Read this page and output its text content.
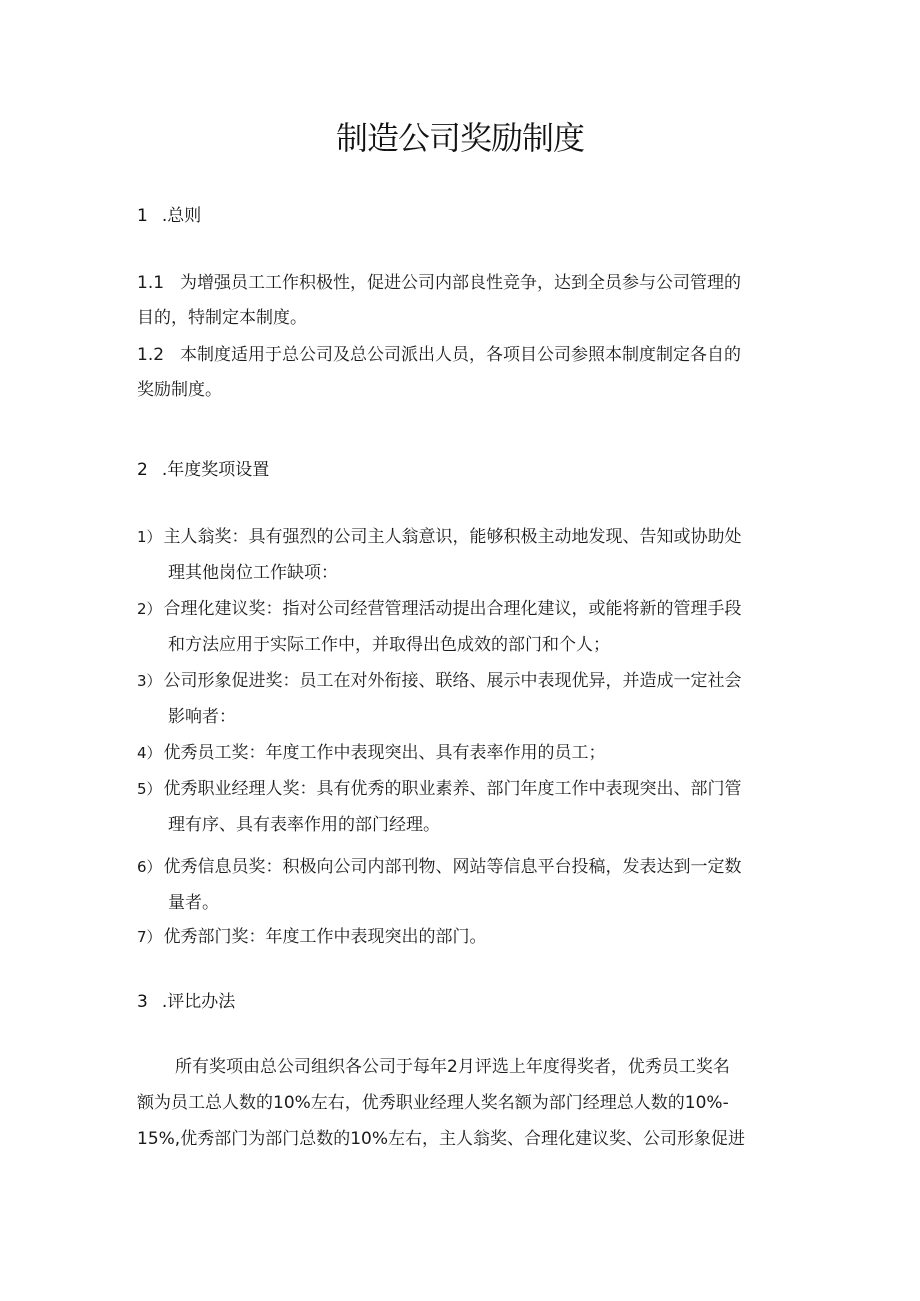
制造公司奖励制度
1 .总则
1.1 为增强员工工作积极性，促进公司内部良性竞争，达到全员参与公司管理的
目的，特制定本制度。
1.2 本制度适用于总公司及总公司派出人员，各项目公司参照本制度制定各自的
奖励制度。
2 .年度奖项设置
1） 主人翁奖：具有强烈的公司主人翁意识，能够积极主动地发现、告知或协助处
理其他岗位工作缺项：
2） 合理化建议奖：指对公司经营管理活动提出合理化建议，或能将新的管理手段
和方法应用于实际工作中，并取得出色成效的部门和个人；
3） 公司形象促进奖：员工在对外衔接、联络、展示中表现优异，并造成一定社会
影响者：
4） 优秀员工奖：年度工作中表现突出、具有表率作用的员工；
5） 优秀职业经理人奖：具有优秀的职业素养、部门年度工作中表现突出、部门管
理有序、具有表率作用的部门经理。
6） 优秀信息员奖：积极向公司内部刊物、网站等信息平台投稿，发表达到一定数
量者。
7） 优秀部门奖：年度工作中表现突出的部门。
3 .评比办法
所有奖项由总公司组织各公司于每年2月评选上年度得奖者，优秀员工奖名
额为员工总人数的10%左右，优秀职业经理人奖名额为部门经理总人数的10%-
15%,优秀部门为部门总数的10%左右，主人翁奖、合理化建议奖、公司形象促进
